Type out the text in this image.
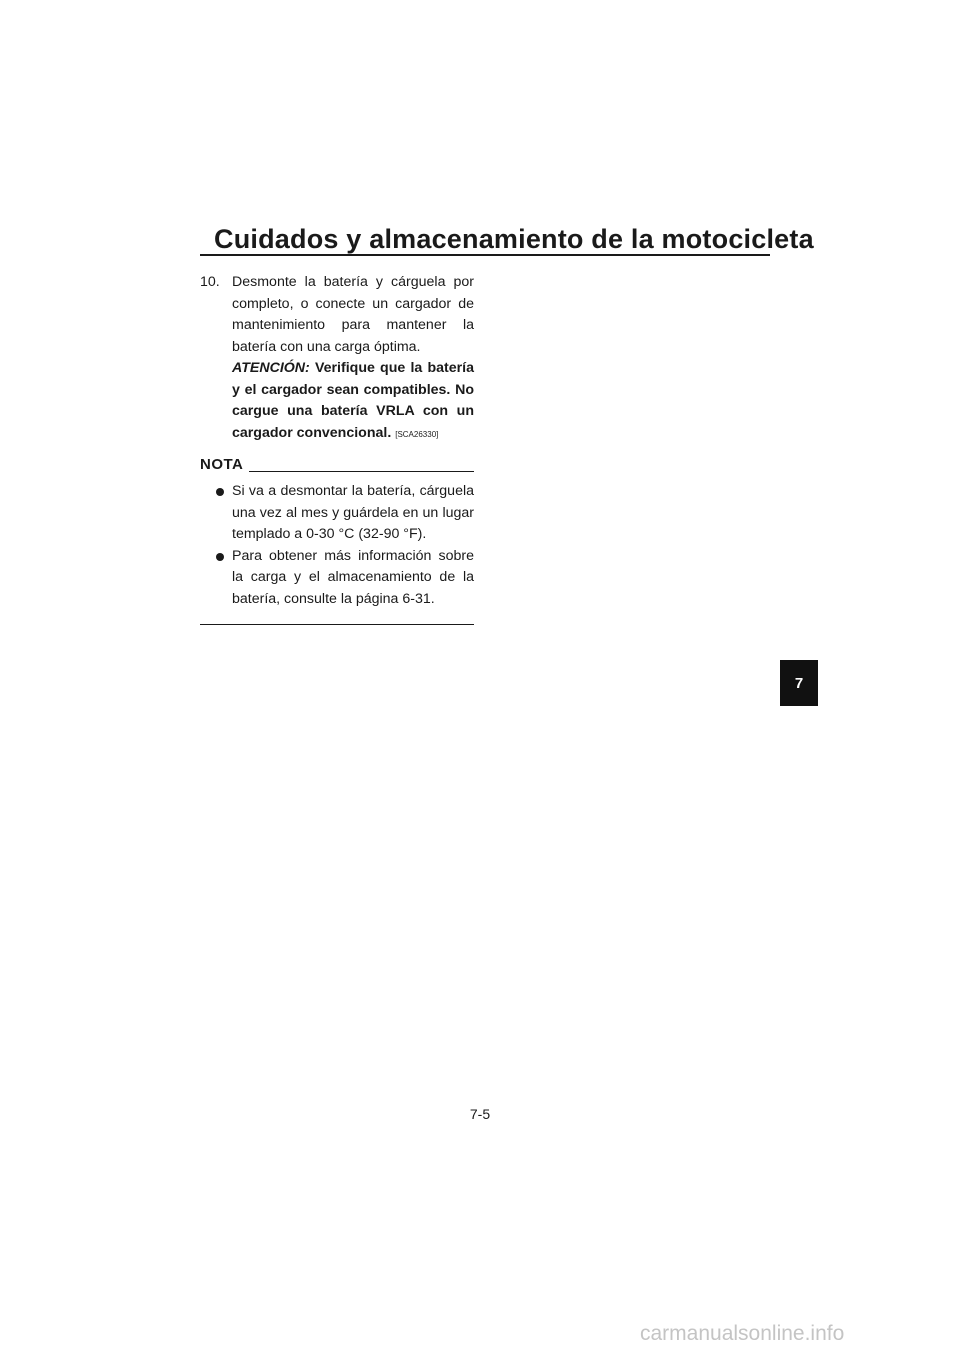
Cuidados y almacenamiento de la motocicleta
10. Desmonte la batería y cárguela por completo, o conecte un cargador de mantenimiento para mantener la batería con una carga óptima.
ATENCIÓN: Verifique que la batería y el cargador sean compatibles. No cargue una batería VRLA con un cargador convencional. [SCA26330]
NOTA
Si va a desmontar la batería, cárguela una vez al mes y guárdela en un lugar templado a 0-30 °C (32-90 °F).
Para obtener más información sobre la carga y el almacenamiento de la batería, consulte la página 6-31.
7
7-5
carmanualsonline.info
